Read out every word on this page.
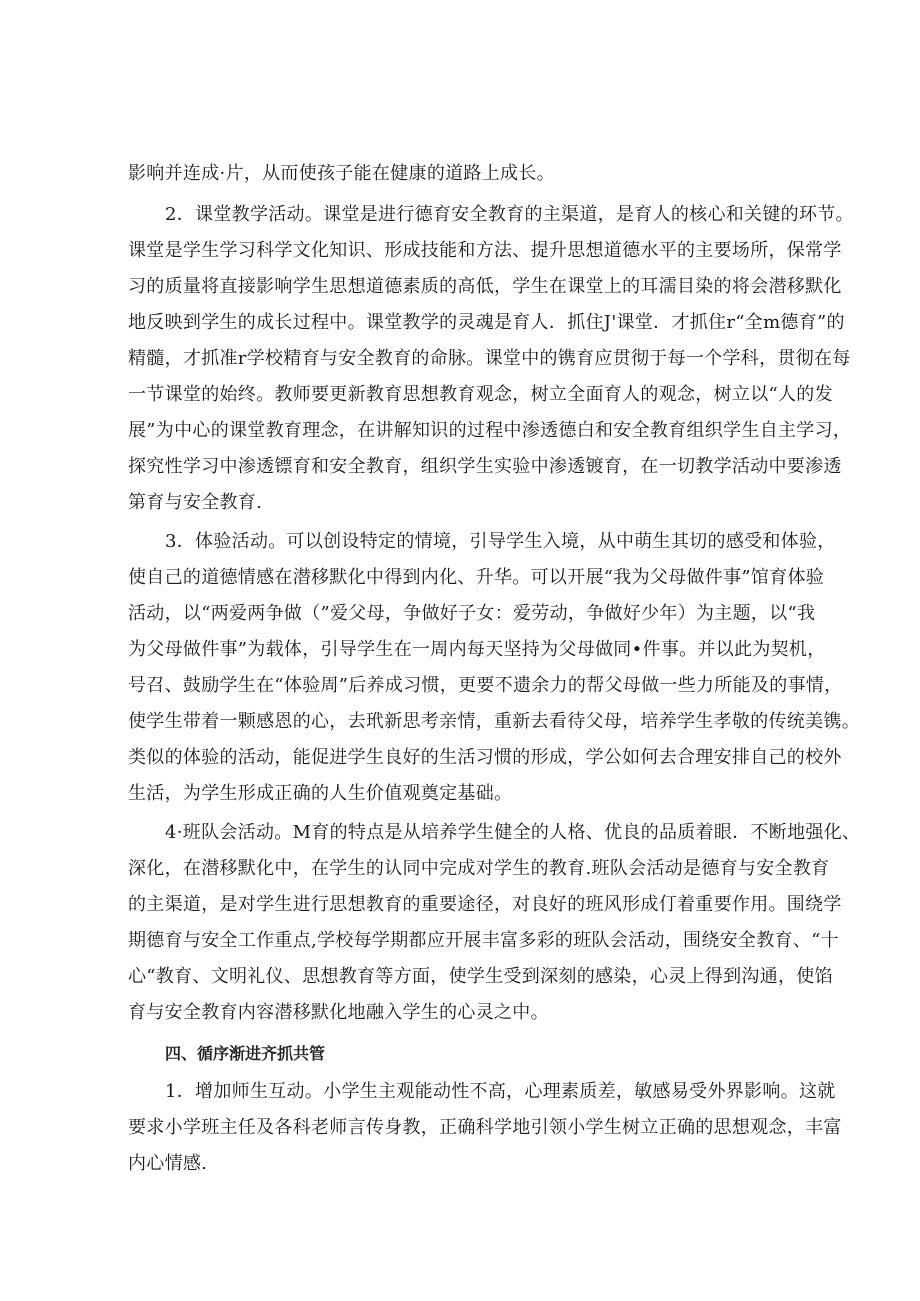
影响并连成·片，从而使孩子能在健康的道路上成长。
2．课堂教学活动。课堂是进行德育安全教育的主渠道，是育人的核心和关键的环节。
课堂是学生学习科学文化知识、形成技能和方法、提升思想道德水平的主要场所，保常学
习的质量将直接影响学生思想道德素质的高低，学生在课堂上的耳濡目染的将会潜移默化
地反映到学生的成长过程中。课堂教学的灵魂是育人．抓住J'课堂．才抓住r“全m德育”的
精髓，才抓准r学校精育与安全教育的命脉。课堂中的镌育应贯彻于每一个学科，贯彻在每
一节课堂的始终。教师要更新教育思想教育观念，树立全面育人的观念，树立以“人的发
展”为中心的课堂教育理念，在讲解知识的过程中渗透德白和安全教育组织学生自主学习，
探究性学习中渗透镖育和安全教育，组织学生实验中渗透镀育，在一切教学活动中要渗透
第育与安全教育.
3．体验活动。可以创设特定的情境，引导学生入境，从中萌生其切的感受和体验，
使自己的道德情感在潜移默化中得到内化、升华。可以开展“我为父母做件事”馆育体验
活动，以“两爱两争做（”爱父母，争做好子女：爱劳动，争做好少年）为主题，以“我
为父母做件事”为载体，引导学生在一周内每天坚持为父母做同•件事。并以此为契机，
号召、鼓励学生在“体验周”后养成习惯，更要不遗余力的帮父母做一些力所能及的事情，
使学生带着一颗感恩的心，去玳新思考亲情，重新去看待父母，培养学生孝敬的传统美镌。
类似的体验的活动，能促进学生良好的生活习惯的形成，学公如何去合理安排自己的校外
生活，为学生形成正确的人生价值观奠定基础。
4·班队会活动。M育的特点是从培养学生健全的人格、优良的品质着眼．不断地强化、
深化，在潜移默化中，在学生的认同中完成对学生的教育.班队会活动是德育与安全教育
的主渠道，是对学生进行思想教育的重要途径，对良好的班风形成仃着重要作用。围绕学
期德育与安全工作重点,学校每学期都应开展丰富多彩的班队会活动，围绕安全教育、“十
心“教育、文明礼仪、思想教育等方面，使学生受到深刻的感染，心灵上得到沟通，使馅
育与安全教育内容潜移默化地融入学生的心灵之中。
四、循序渐进齐抓共管
1．增加师生互动。小学生主观能动性不高，心理素质差，敏感易受外界影响。这就
要求小学班主任及各科老师言传身教，正确科学地引领小学生树立正确的思想观念，丰富
内心情感.
